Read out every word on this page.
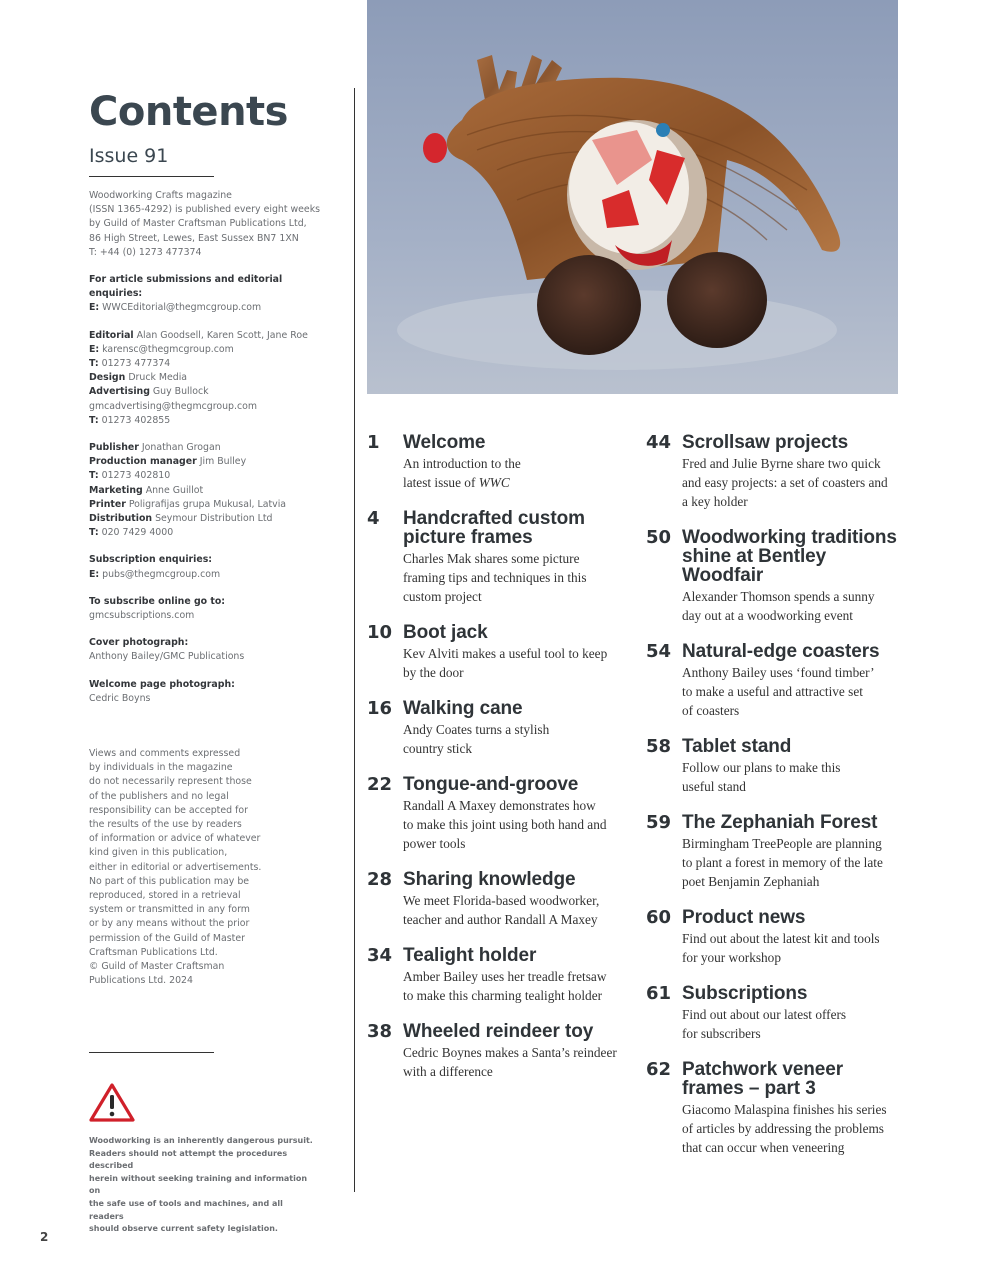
Contents
Issue 91
Woodworking Crafts magazine
(ISSN 1365-4292) is published every eight weeks
by Guild of Master Craftsman Publications Ltd,
86 High Street, Lewes, East Sussex BN7 1XN
T: +44 (0) 1273 477374
For article submissions and editorial enquiries:
E: WWCEditorial@thegmcgroup.com
Editorial Alan Goodsell, Karen Scott, Jane Roe
E: karensc@thegmcgroup.com
T: 01273 477374
Design Druck Media
Advertising Guy Bullock
gmcadvertising@thegmcgroup.com
T: 01273 402855
Publisher Jonathan Grogan
Production manager Jim Bulley
T: 01273 402810
Marketing Anne Guillot
Printer Poligrafijas grupa Mukusal, Latvia
Distribution Seymour Distribution Ltd
T: 020 7429 4000
Subscription enquiries:
E: pubs@thegmcgroup.com
To subscribe online go to:
gmcsubscriptions.com
Cover photograph:
Anthony Bailey/GMC Publications
Welcome page photograph:
Cedric Boyns
Views and comments expressed
by individuals in the magazine
do not necessarily represent those
of the publishers and no legal
responsibility can be accepted for
the results of the use by readers
of information or advice of whatever
kind given in this publication,
either in editorial or advertisements.
No part of this publication may be
reproduced, stored in a retrieval
system or transmitted in any form
or by any means without the prior
permission of the Guild of Master
Craftsman Publications Ltd.
© Guild of Master Craftsman
Publications Ltd. 2024
Woodworking is an inherently dangerous pursuit.
Readers should not attempt the procedures described
herein without seeking training and information on
the safe use of tools and machines, and all readers
should observe current safety legislation.
2
1 Welcome
An introduction to the
latest issue of WWC
4 Handcrafted custom picture frames
Charles Mak shares some picture
framing tips and techniques in this
custom project
10 Boot jack
Kev Alviti makes a useful tool to keep
by the door
16 Walking cane
Andy Coates turns a stylish
country stick
22 Tongue-and-groove
Randall A Maxey demonstrates how
to make this joint using both hand and
power tools
28 Sharing knowledge
We meet Florida-based woodworker,
teacher and author Randall A Maxey
34 Tealight holder
Amber Bailey uses her treadle fretsaw
to make this charming tealight holder
38 Wheeled reindeer toy
Cedric Boynes makes a Santa’s reindeer
with a difference
44 Scrollsaw projects
Fred and Julie Byrne share two quick
and easy projects: a set of coasters and
a key holder
50 Woodworking traditions shine at Bentley Woodfair
Alexander Thomson spends a sunny
day out at a woodworking event
54 Natural-edge coasters
Anthony Bailey uses ‘found timber’
to make a useful and attractive set
of coasters
58 Tablet stand
Follow our plans to make this
useful stand
59 The Zephaniah Forest
Birmingham TreePeople are planning
to plant a forest in memory of the late
poet Benjamin Zephaniah
60 Product news
Find out about the latest kit and tools
for your workshop
61 Subscriptions
Find out about our latest offers
for subscribers
62 Patchwork veneer frames – part 3
Giacomo Malaspina finishes his series
of articles by addressing the problems
that can occur when veneering
